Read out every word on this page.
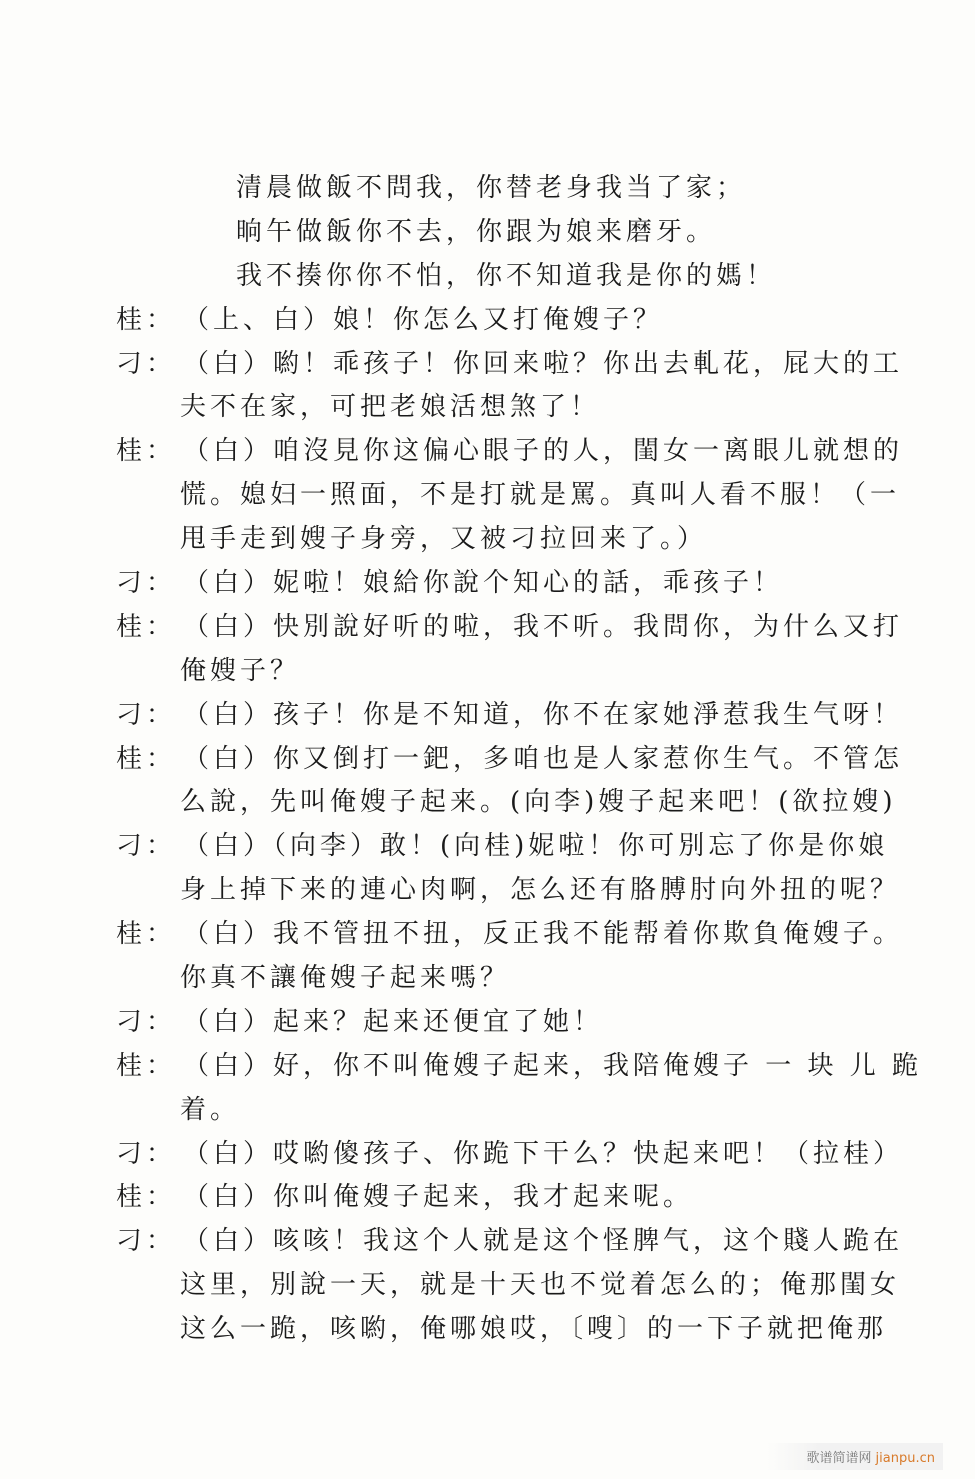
清晨做飯不問我，你替老身我当了家；
晌午做飯你不去，你跟为娘来磨牙。
我不揍你你不怕，你不知道我是你的媽！
桂： （上、白）娘！你怎么又打俺嫂子？
刁： （白）喲！乖孩子！你回来啦？你出去軋花，屁大的工
夫不在家，可把老娘活想煞了！
桂： （白）咱沒見你这偏心眼子的人，閨女一离眼儿就想的
慌。媳妇一照面，不是打就是罵。真叫人看不服！（一
甩手走到嫂子身旁，又被刁拉回来了。）
刁： （白）妮啦！娘給你說个知心的話，乖孩子！
桂： （白）快別說好听的啦，我不听。我問你，为什么又打
俺嫂子？
刁： （白）孩子！你是不知道，你不在家她淨惹我生气呀！
桂： （白）你又倒打一鈀，多咱也是人家惹你生气。不管怎
么說，先叫俺嫂子起来。(向李)嫂子起来吧！(欲拉嫂)
刁： （白）（向李）敢！(向桂)妮啦！你可別忘了你是你娘
身上掉下来的連心肉啊，怎么还有胳膊肘向外扭的呢？
桂： （白）我不管扭不扭，反正我不能帮着你欺負俺嫂子。
你真不讓俺嫂子起来嗎？
刁： （白）起来？起来还便宜了她！
桂： （白）好，你不叫俺嫂子起来，我陪俺嫂子 一 块 儿 跪
着。
刁： （白）哎喲傻孩子、你跪下干么？快起来吧！（拉桂）
桂： （白）你叫俺嫂子起来，我才起来呢。
刁： （白）咳咳！我这个人就是这个怪脾气，这个賤人跪在
这里，別說一天，就是十天也不觉着怎么的；俺那閨女
这么一跪，咳喲，俺哪娘哎，〔嗖〕的一下子就把俺那
歌谱简谱网 jianpu.cn
